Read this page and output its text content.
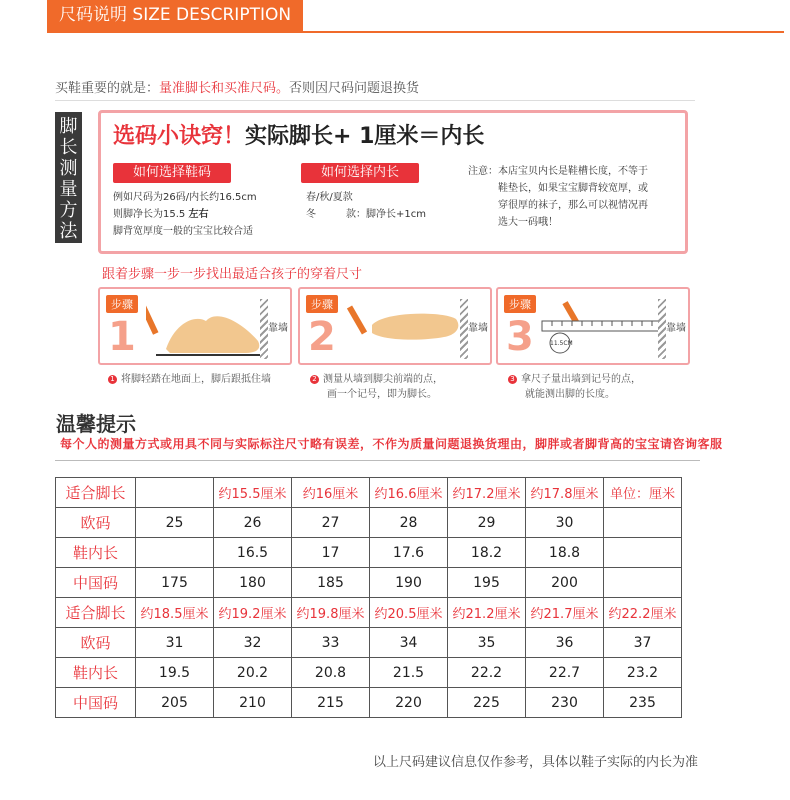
尺码说明 SIZE DESCRIPTION
买鞋重要的就是：量准脚长和买准尺码。否则因尺码问题退换货
脚长测量方法
选码小诀窍！实际脚长+ 1厘米＝内长
如何选择鞋码
例如尺码为26码/内长约16.5cm
则脚净长为15.5 左右
脚背宽厚度一般的宝宝比较合适
如何选择内长
春/秋/夏款
冬	款：脚净长+1cm
注意：本店宝贝内长是鞋槽长度，不等于
鞋垫长，如果宝宝脚背较宽厚，或
穿很厚的袜子，那么可以视情况再
选大一码哦！
跟着步骤一步一步找出最适合孩子的穿着尺寸
步骤
1	靠墙
步骤
2	靠墙
步骤
3	11.5CM
靠墙
1 将脚轻踏在地面上，脚后跟抵住墙	2 测量从墙到脚尖前端的点，
画一个记号，即为脚长。
3 拿尺子量出墙到记号的点，
就能测出脚的长度。
温馨提示
每个人的测量方式或用具不同与实际标注尺寸略有误差，不作为质量问题退换货理由，脚胖或者脚背高的宝宝请咨询客服
适合脚长		约15.5厘米	约16厘米	约16.6厘米	约17.2厘米	约17.8厘米	单位：厘米
欧码	25	26	27	28	29	30	
鞋内长		16.5	17	17.6	18.2	18.8	
中国码	175	180	185	190	195	200	
适合脚长	约18.5厘米	约19.2厘米	约19.8厘米	约20.5厘米	约21.2厘米	约21.7厘米	约22.2厘米
欧码	31	32	33	34	35	36	37
鞋内长	19.5	20.2	20.8	21.5	22.2	22.7	23.2
中国码	205	210	215	220	225	230	235
以上尺码建议信息仅作参考，具体以鞋子实际的内长为准
